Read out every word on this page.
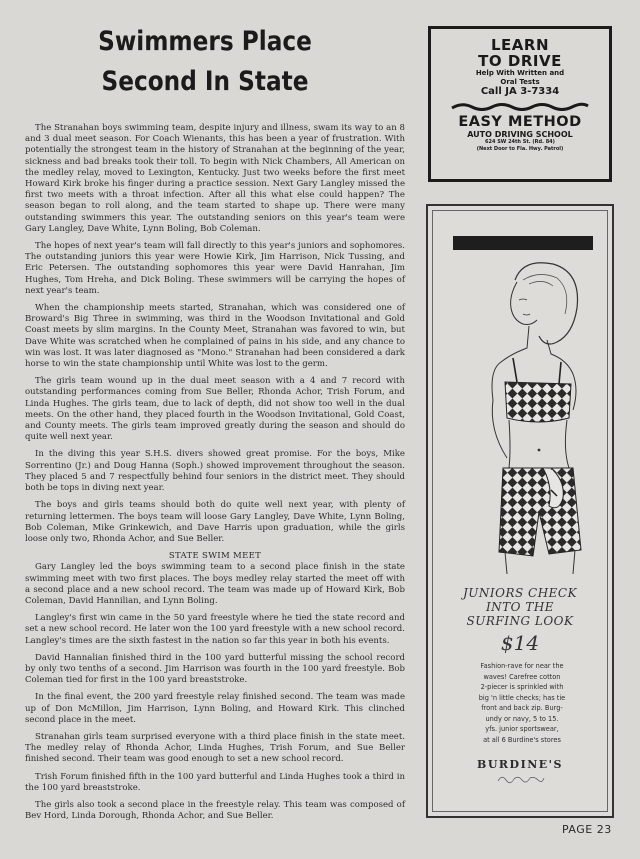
Swimmers Place
Second In State

The Stranahan boys swimming team, despite injury and illness, swam its way to an 8 and 3 dual meet season. For Coach Wienants, this has been a year of frustration. With potentially the strongest team in the history of Stranahan at the beginning of the year, sickness and bad breaks took their toll. To begin with Nick Chambers, All American on the medley relay, moved to Lexington, Kentucky. Just two weeks before the first meet Howard Kirk broke his finger during a practice session. Next Gary Langley missed the first two meets with a throat infection. After all this what else could happen? The season began to roll along, and the team started to shape up. There were many outstanding swimmers this year. The outstanding seniors on this year's team were Gary Langley, Dave White, Lynn Boling, Bob Coleman.

The hopes of next year's team will fall directly to this year's juniors and sophomores. The outstanding juniors this year were Howie Kirk, Jim Harrison, Nick Tussing, and Eric Petersen. The outstanding sophomores this year were David Hanrahan, Jim Hughes, Tom Hreha, and Dick Boling. These swimmers will be carrying the hopes of next year's team.

When the championship meets started, Stranahan, which was considered one of Broward's Big Three in swimming, was third in the Woodson Invitational and Gold Coast meets by slim margins. In the County Meet, Stranahan was favored to win, but Dave White was scratched when he complained of pains in his side, and any chance to win was lost. It was later diagnosed as "Mono." Stranahan had been considered a dark horse to win the state championship until White was lost to the germ.

The girls team wound up in the dual meet season with a 4 and 7 record with outstanding performances coming from Sue Beller, Rhonda Achor, Trish Forum, and Linda Hughes. The girls team, due to lack of depth, did not show too well in the dual meets. On the other hand, they placed fourth in the Woodson Invitational, Gold Coast, and County meets. The girls team improved greatly during the season and should do quite well next year.

In the diving this year S.H.S. divers showed great promise. For the boys, Mike Sorrentino (Jr.) and Doug Hanna (Soph.) showed improvement throughout the season. They placed 5 and 7 respectfully behind four seniors in the district meet. They should both be tops in diving next year.

The boys and girls teams should both do quite well next year, with plenty of returning lettermen. The boys team will loose Gary Langley, Dave White, Lynn Boling, Bob Coleman, Mike Grinkewich, and Dave Harris upon graduation, while the girls loose only two, Rhonda Achor, and Sue Beller.

STATE SWIM MEET

Gary Langley led the boys swimming team to a second place finish in the state swimming meet with two first places. The boys medley relay started the meet off with a second place and a new school record. The team was made up of Howard Kirk, Bob Coleman, David Hannilian, and Lynn Boling.

Langley's first win came in the 50 yard freestyle where he tied the state record and set a new school record. He later won the 100 yard freestyle with a new school record. Langley's times are the sixth fastest in the nation so far this year in both his events.

David Hannalian finished third in the 100 yard butterful missing the school record by only two tenths of a second. Jim Harrison was fourth in the 100 yard freestyle. Bob Coleman tied for first in the 100 yard breaststroke.

In the final event, the 200 yard freestyle relay finished second. The team was made up of Don McMillon, Jim Harrison, Lynn Boling, and Howard Kirk. This clinched second place in the meet.

Stranahan girls team surprised everyone with a third place finish in the state meet. The medley relay of Rhonda Achor, Linda Hughes, Trish Forum, and Sue Beller finished second. Their team was good enough to set a new school record.

Trish Forum finished fifth in the 100 yard butterful and Linda Hughes took a third in the 100 yard breaststroke.

The girls also took a second place in the freestyle relay. This team was composed of Bev Hord, Linda Dorough, Rhonda Achor, and Sue Beller.

LEARN
TO DRIVE
Help With Written and
Oral Tests
Call JA 3-7334
EASY METHOD
AUTO DRIVING SCHOOL
624 SW 24th St. (Rd. 84)
(Next Door to Fla. Hwy. Patrol)
JUNIORS CHECK
INTO THE
SURFING LOOK
$14
Fashion-rave for near the
waves! Carefree cotton
2-piecer is sprinkled with
big 'n little checks; has tie
front and back zip. Burg-
undy or navy, 5 to 15.
yfs. junior sportswear,
at all 6 Burdine's stores
BURDINE'S
PAGE 23
